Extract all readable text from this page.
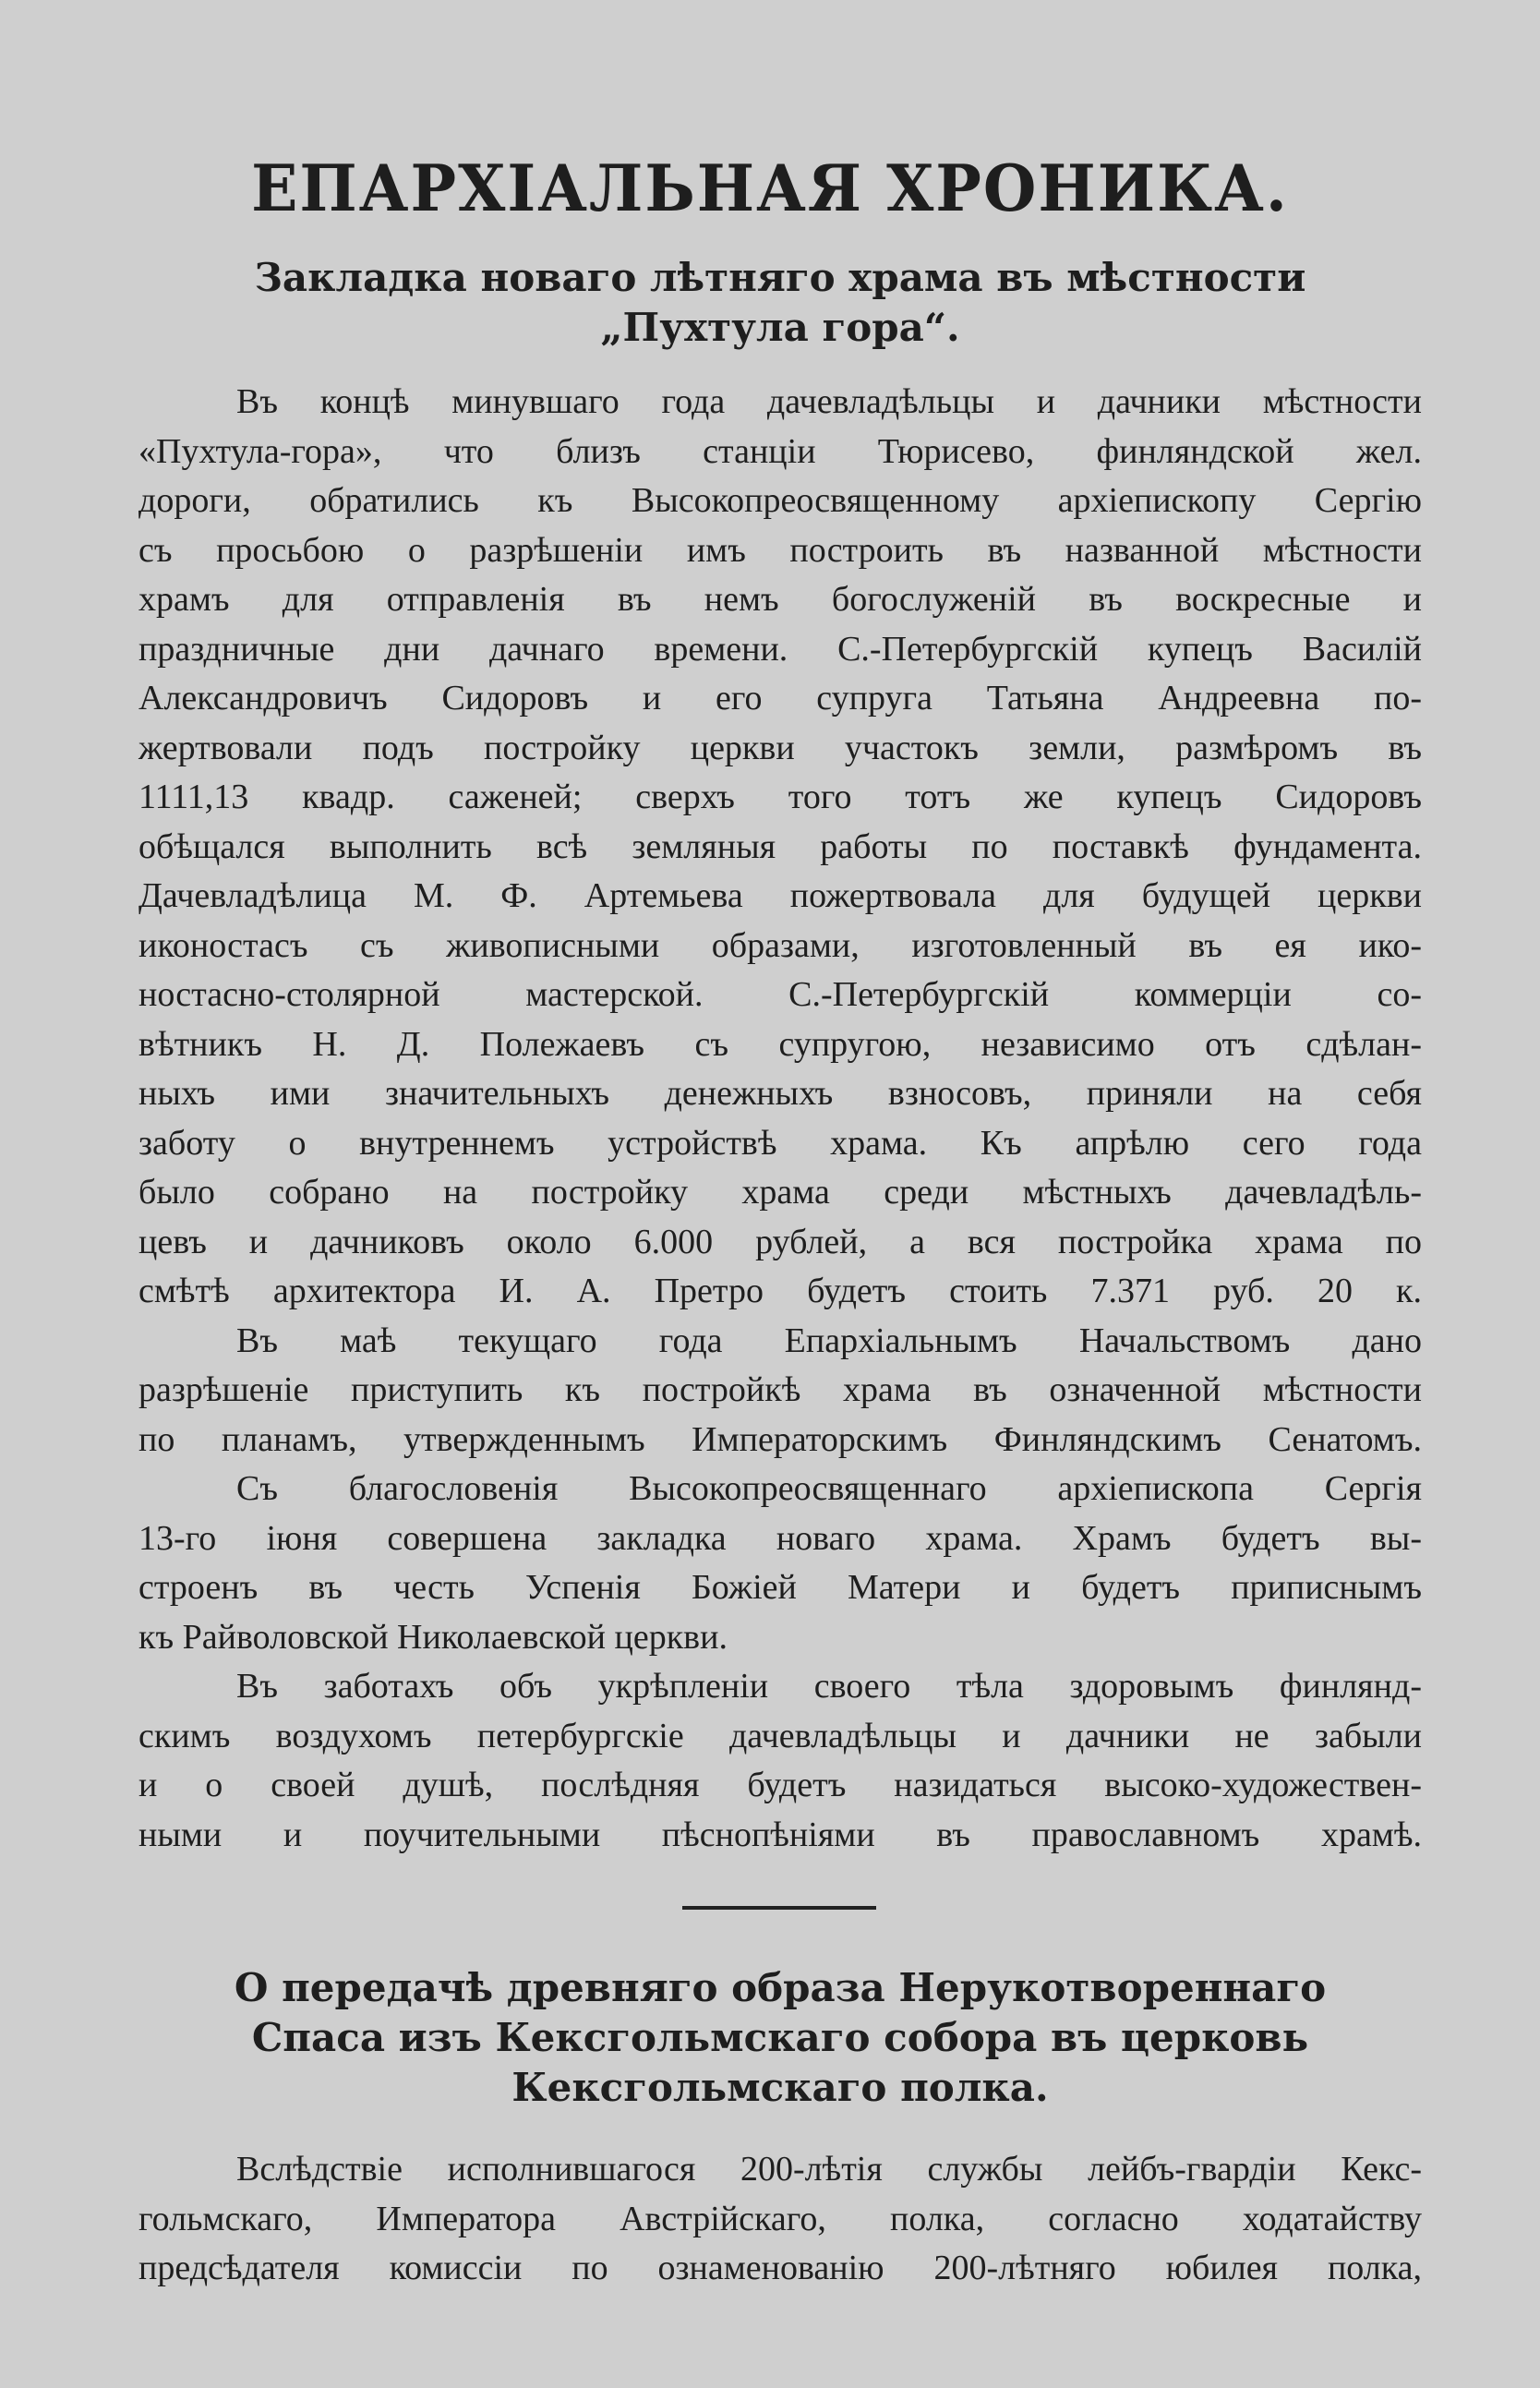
ЕПАРХІАЛЬНАЯ ХРОНИКА.
Закладка новаго лѣтняго храма въ мѣстности
„Пухтула гора“.
Въ концѣ минувшаго года дачевладѣльцы и дачники мѣстности
«Пухтула-гора», что близъ станціи Тюрисево, финляндской жел.
дороги, обратились къ Высокопреосвященному архіепископу Сергію
съ просьбою о разрѣшеніи имъ построить въ названной мѣстности
храмъ для отправленія въ немъ богослуженій въ воскресные и
праздничные дни дачнаго времени. С.-Петербургскій купецъ Василій
Александровичъ Сидоровъ и его супруга Татьяна Андреевна по-
жертвовали подъ постройку церкви участокъ земли, размѣромъ въ
1111,13 квадр. саженей; сверхъ того тотъ же купецъ Сидоровъ
обѣщался выполнить всѣ земляныя работы по поставкѣ фундамента.
Дачевладѣлица М. Ф. Артемьева пожертвовала для будущей церкви
иконостасъ съ живописными образами, изготовленный въ ея ико-
ностасно-столярной мастерской. С.-Петербургскій коммерціи со-
вѣтникъ Н. Д. Полежаевъ съ супругою, независимо отъ сдѣлан-
ныхъ ими значительныхъ денежныхъ взносовъ, приняли на себя
заботу о внутреннемъ устройствѣ храма. Къ апрѣлю сего года
было собрано на постройку храма среди мѣстныхъ дачевладѣль-
цевъ и дачниковъ около 6.000 рублей, а вся постройка храма по
смѣтѣ архитектора И. А. Претро будетъ стоить 7.371 руб. 20 к.
Въ маѣ текущаго года Епархіальнымъ Начальствомъ дано
разрѣшеніе приступить къ постройкѣ храма въ означенной мѣстности
по планамъ, утвержденнымъ Императорскимъ Финляндскимъ Сенатомъ.
Съ благословенія Высокопреосвященнаго архіепископа Сергія
13-го іюня совершена закладка новаго храма. Храмъ будетъ вы-
строенъ въ честь Успенія Божіей Матери и будетъ приписнымъ
къ Райволовской Николаевской церкви.
Въ заботахъ объ укрѣпленіи своего тѣла здоровымъ финлянд-
скимъ воздухомъ петербургскіе дачевладѣльцы и дачники не забыли
и о своей душѣ, послѣдняя будетъ назидаться высоко-художествен-
ными и поучительными пѣснопѣніями въ православномъ храмѣ.
О передачѣ древняго образа Нерукотвореннаго
Спаса изъ Кексгольмскаго собора въ церковь
Кексгольмскаго полка.
Вслѣдствіе исполнившагося 200-лѣтія службы лейбъ-гвардіи Кекс-
гольмскаго, Императора Австрійскаго, полка, согласно ходатайству
предсѣдателя комиссіи по ознаменованію 200-лѣтняго юбилея полка,
